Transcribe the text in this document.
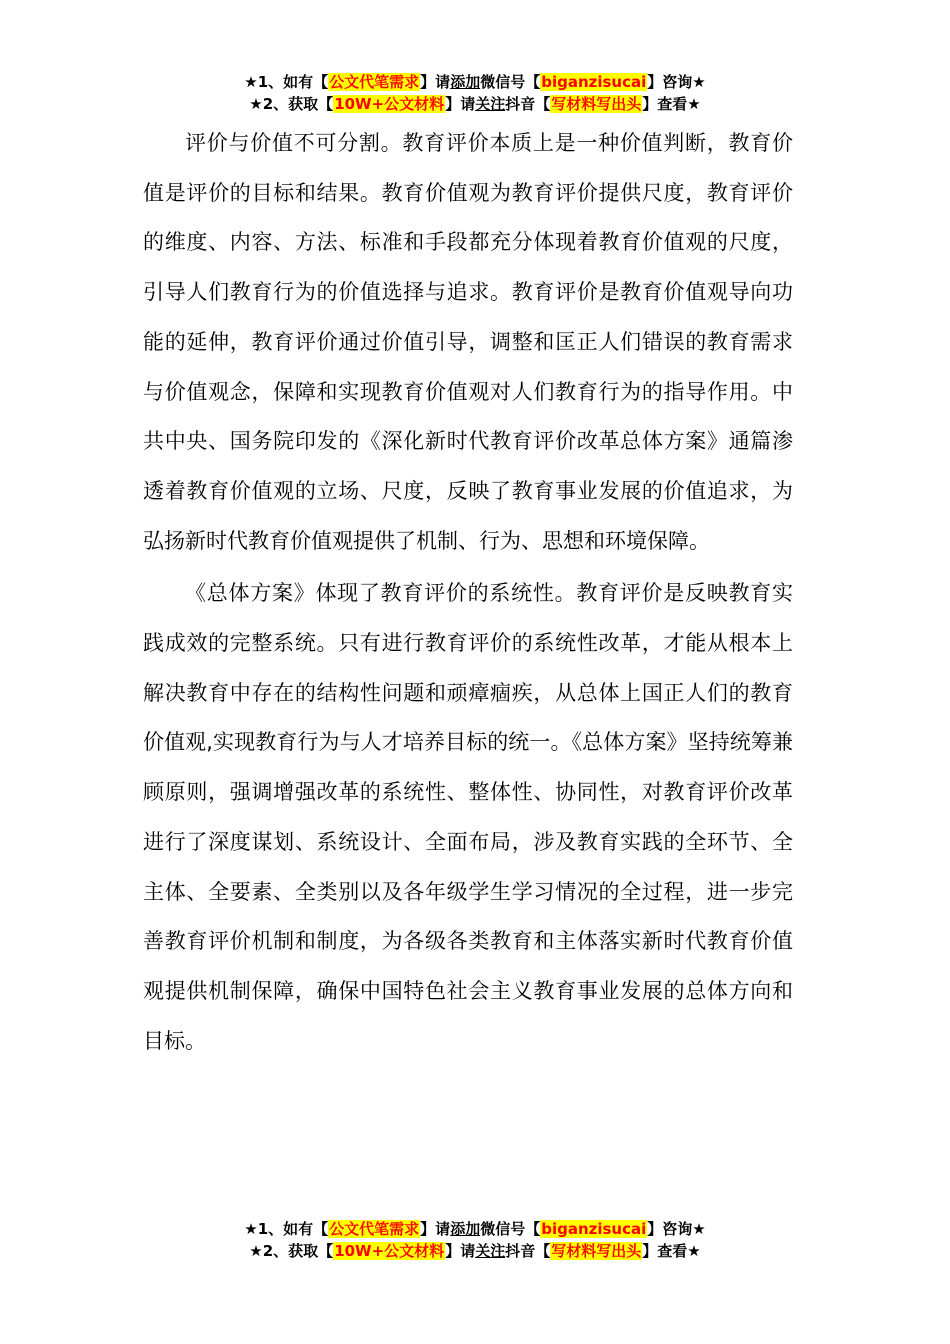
★1、如有【公文代笔需求】请添加微信号【biganzisucai】咨询★
★2、获取【10W+公文材料】请关注抖音【写材料写出头】查看★

评价与价值不可分割。教育评价本质上是一种价值判断，教育价值是评价的目标和结果。教育价值观为教育评价提供尺度，教育评价的维度、内容、方法、标准和手段都充分体现着教育价值观的尺度，引导人们教育行为的价值选择与追求。教育评价是教育价值观导向功能的延伸，教育评价通过价值引导，调整和匡正人们错误的教育需求与价值观念，保障和实现教育价值观对人们教育行为的指导作用。中共中央、国务院印发的《深化新时代教育评价改革总体方案》通篇渗透着教育价值观的立场、尺度，反映了教育事业发展的价值追求，为弘扬新时代教育价值观提供了机制、行为、思想和环境保障。

《总体方案》体现了教育评价的系统性。教育评价是反映教育实践成效的完整系统。只有进行教育评价的系统性改革，才能从根本上解决教育中存在的结构性问题和顽瘴痼疾，从总体上国正人们的教育价值观,实现教育行为与人才培养目标的统一。《总体方案》坚持统筹兼顾原则，强调增强改革的系统性、整体性、协同性，对教育评价改革进行了深度谋划、系统设计、全面布局，涉及教育实践的全环节、全主体、全要素、全类别以及各年级学生学习情况的全过程，进一步完善教育评价机制和制度，为各级各类教育和主体落实新时代教育价值观提供机制保障，确保中国特色社会主义教育事业发展的总体方向和目标。

★1、如有【公文代笔需求】请添加微信号【biganzisucai】咨询★
★2、获取【10W+公文材料】请关注抖音【写材料写出头】查看★
